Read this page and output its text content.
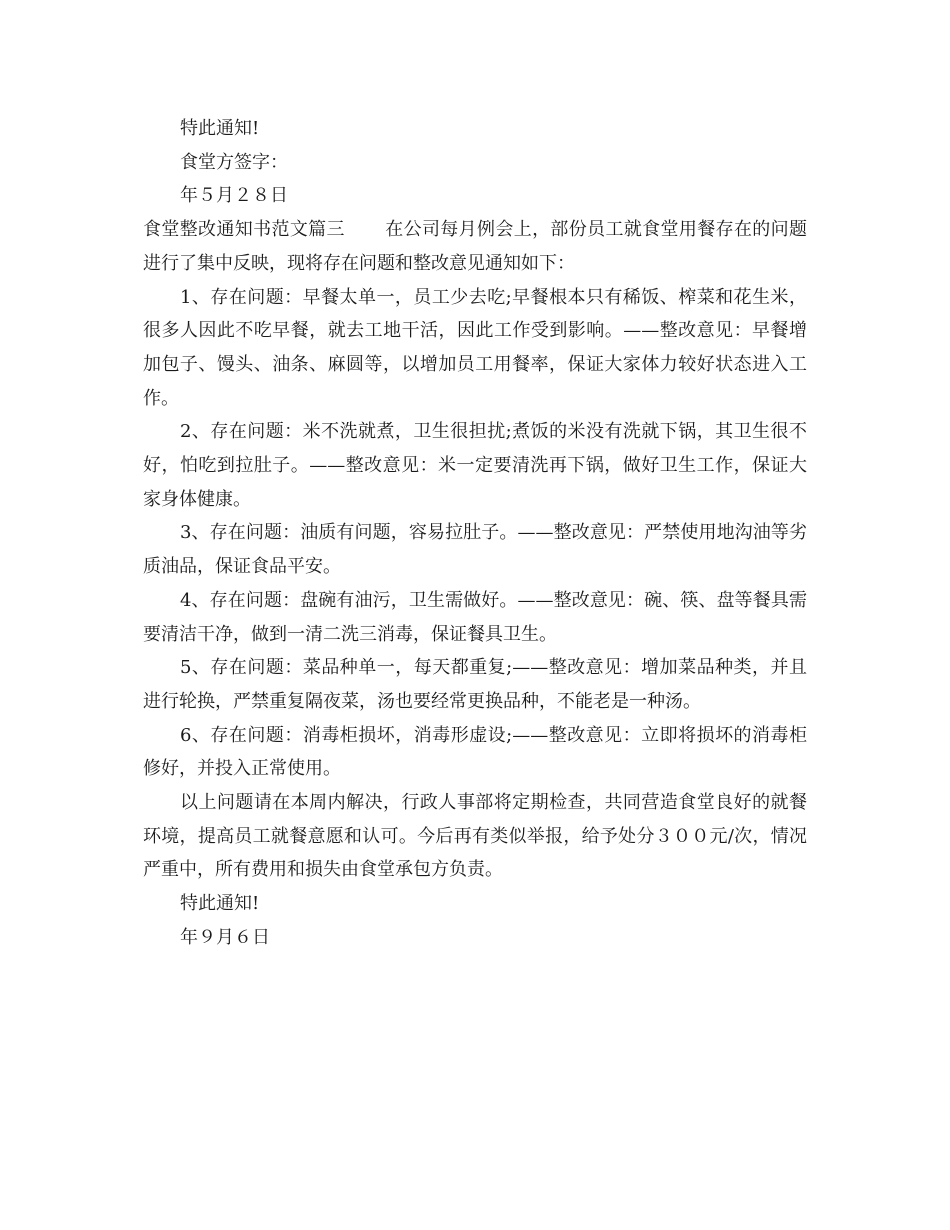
特此通知!

食堂方签字：

年５月２８日

食堂整改通知书范文篇三 在公司每月例会上，部份员工就食堂用餐存在的问题进行了集中反映，现将存在问题和整改意见通知如下：

1、存在问题：早餐太单一，员工少去吃;早餐根本只有稀饭、榨菜和花生米，很多人因此不吃早餐，就去工地干活，因此工作受到影响。——整改意见：早餐增加包子、馒头、油条、麻圆等，以增加员工用餐率，保证大家体力较好状态进入工作。

2、存在问题：米不洗就煮，卫生很担扰;煮饭的米没有洗就下锅，其卫生很不好，怕吃到拉肚子。——整改意见：米一定要清洗再下锅，做好卫生工作，保证大家身体健康。

3、存在问题：油质有问题，容易拉肚子。——整改意见：严禁使用地沟油等劣质油品，保证食品平安。

4、存在问题：盘碗有油污，卫生需做好。——整改意见：碗、筷、盘等餐具需要清洁干净，做到一清二洗三消毒，保证餐具卫生。

5、存在问题：菜品种单一，每天都重复;——整改意见：增加菜品种类，并且进行轮换，严禁重复隔夜菜，汤也要经常更换品种，不能老是一种汤。

6、存在问题：消毒柜损坏，消毒形虚设;——整改意见：立即将损坏的消毒柜修好，并投入正常使用。

以上问题请在本周内解决，行政人事部将定期检查，共同营造食堂良好的就餐环境，提高员工就餐意愿和认可。今后再有类似举报，给予处分３００元/次，情况严重中，所有费用和损失由食堂承包方负责。

特此通知!

年９月６日
